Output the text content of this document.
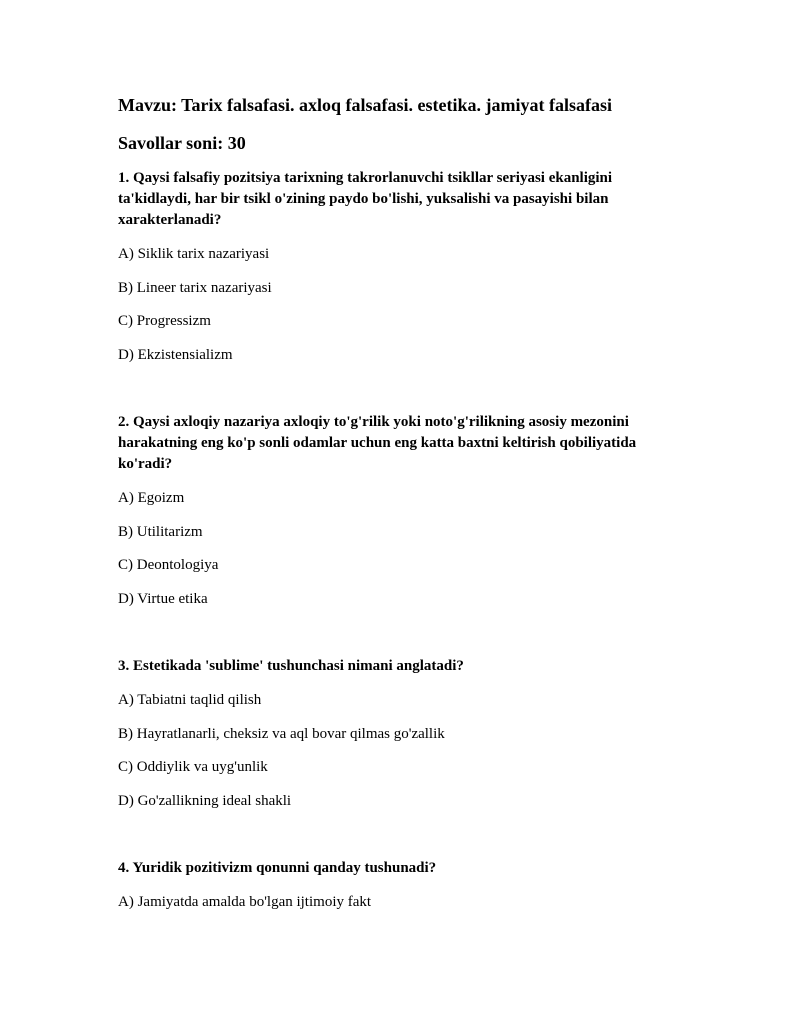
Mavzu: Tarix falsafasi. axloq falsafasi. estetika. jamiyat falsafasi
Savollar soni: 30

1. Qaysi falsafiy pozitsiya tarixning takrorlanuvchi tsikllar seriyasi ekanligini ta'kidlaydi, har bir tsikl o'zining paydo bo'lishi, yuksalishi va pasayishi bilan xarakterlanadi?

A) Siklik tarix nazariyasi

B) Lineer tarix nazariyasi

C) Progressizm

D) Ekzistensializm

2. Qaysi axloqiy nazariya axloqiy to'g'rilik yoki noto'g'rilikning asosiy mezonini harakatning eng ko'p sonli odamlar uchun eng katta baxtni keltirish qobiliyatida ko'radi?

A) Egoizm

B) Utilitarizm

C) Deontologiya

D) Virtue etika

3. Estetikada 'sublime' tushunchasi nimani anglatadi?

A) Tabiatni taqlid qilish

B) Hayratlanarli, cheksiz va aql bovar qilmas go'zallik

C) Oddiylik va uyg'unlik

D) Go'zallikning ideal shakli

4. Yuridik pozitivizm qonunni qanday tushunadi?

A) Jamiyatda amalda bo'lgan ijtimoiy fakt
